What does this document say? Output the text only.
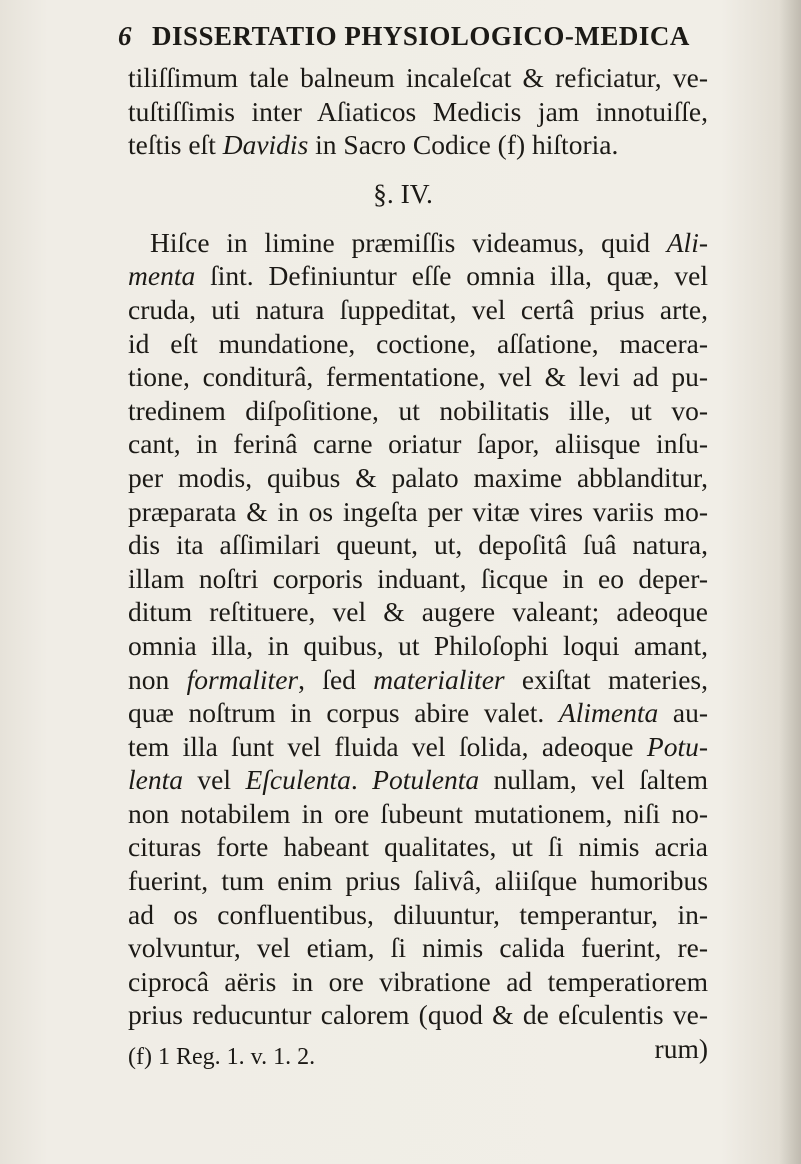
6 DISSERTATIO PHYSIOLOGICO-MEDICA
tiliſſimum tale balneum incaleſcat & reficiatur, ve-
tuſtiſſimis inter Aſiaticos Medicis jam innotuiſſe,
teſtis eſt Davidis in Sacro Codice (f) hiſtoria.
§. IV.
Hiſce in limine præmiſſis videamus, quid Ali-
menta ſint. Definiuntur eſſe omnia illa, quæ, vel
cruda, uti natura ſuppeditat, vel certâ prius arte,
id eſt mundatione, coctione, aſſatione, macera-
tione, conditurâ, fermentatione, vel & levi ad pu-
tredinem diſpoſitione, ut nobilitatis ille, ut vo-
cant, in ferinâ carne oriatur ſapor, aliisque inſu-
per modis, quibus & palato maxime abblanditur,
præparata & in os ingeſta per vitæ vires variis mo-
dis ita aſſimilari queunt, ut, depoſitâ ſuâ natura,
illam noſtri corporis induant, ſicque in eo deper-
ditum reſtituere, vel & augere valeant; adeoque
omnia illa, in quibus, ut Philoſophi loqui amant,
non formaliter, ſed materialiter exiſtat materies,
quæ noſtrum in corpus abire valet. Alimenta au-
tem illa ſunt vel fluida vel ſolida, adeoque Potu-
lenta vel Eſculenta. Potulenta nullam, vel ſaltem
non notabilem in ore ſubeunt mutationem, niſi no-
cituras forte habeant qualitates, ut ſi nimis acria
fuerint, tum enim prius ſalivâ, aliiſque humoribus
ad os confluentibus, diluuntur, temperantur, in-
volvuntur, vel etiam, ſi nimis calida fuerint, re-
ciprocâ aëris in ore vibratione ad temperatiorem
prius reducuntur calorem (quod & de eſculentis ve-
rum)
(f) 1 Reg. 1. v. 1. 2.
